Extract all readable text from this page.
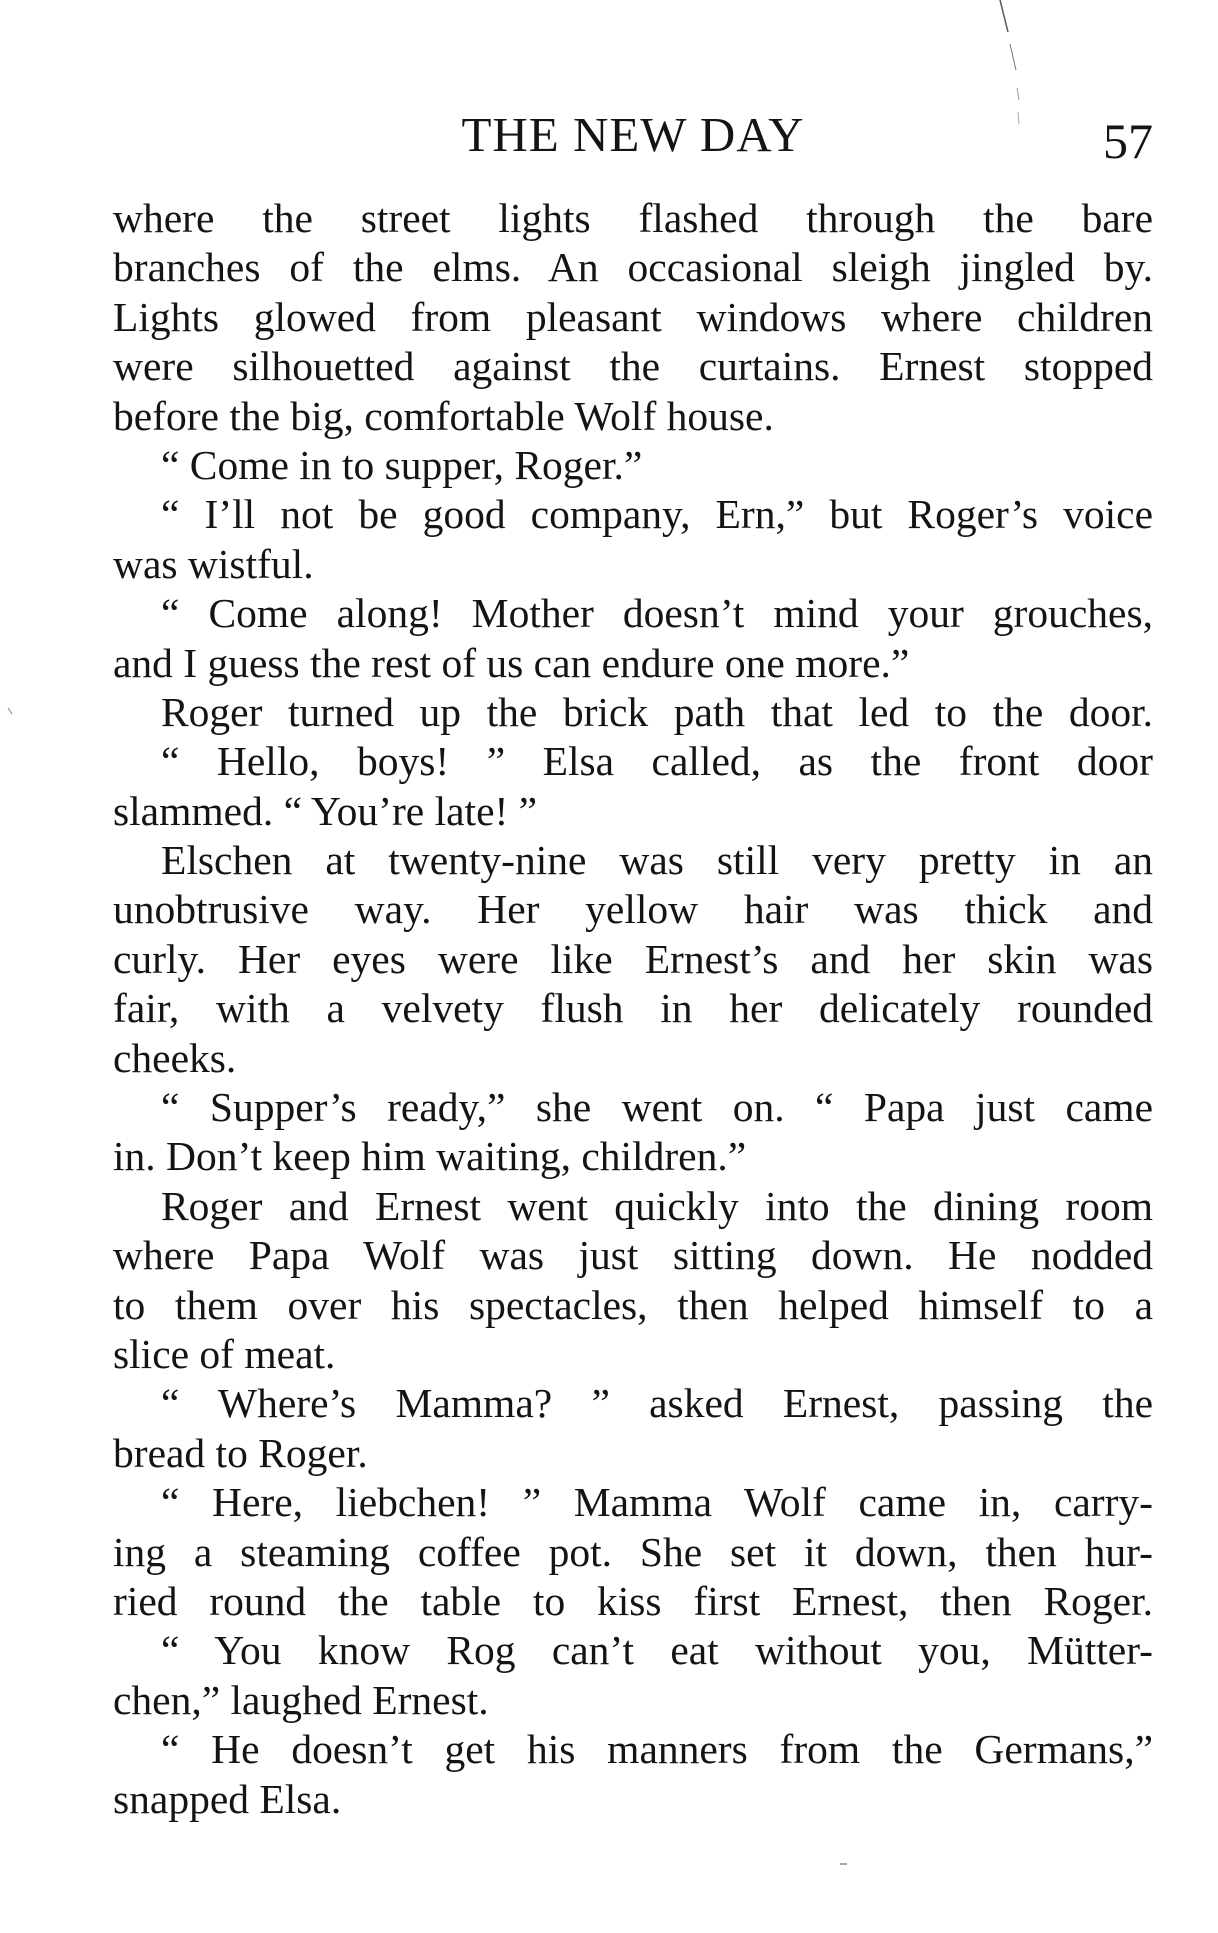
THE NEW DAY	57
where the street lights flashed through the bare
branches of the elms. An occasional sleigh jingled by.
Lights glowed from pleasant windows where children
were silhouetted against the curtains. Ernest stopped
before the big, comfortable Wolf house.
“ Come in to supper, Roger.”
“ I’ll not be good company, Ern,” but Roger’s voice
was wistful.
“ Come along! Mother doesn’t mind your grouches,
and I guess the rest of us can endure one more.”
Roger turned up the brick path that led to the door.
“ Hello, boys! ” Elsa called, as the front door
slammed. “ You’re late! ”
Elschen at twenty-nine was still very pretty in an
unobtrusive way. Her yellow hair was thick and
curly. Her eyes were like Ernest’s and her skin was
fair, with a velvety flush in her delicately rounded
cheeks.
“ Supper’s ready,” she went on. “ Papa just came
in. Don’t keep him waiting, children.”
Roger and Ernest went quickly into the dining room
where Papa Wolf was just sitting down. He nodded
to them over his spectacles, then helped himself to a
slice of meat.
“ Where’s Mamma? ” asked Ernest, passing the
bread to Roger.
“ Here, liebchen! ” Mamma Wolf came in, carry-
ing a steaming coffee pot. She set it down, then hur-
ried round the table to kiss first Ernest, then Roger.
“ You know Rog can’t eat without you, Mütter-
chen,” laughed Ernest.
“ He doesn’t get his manners from the Germans,”
snapped Elsa.
